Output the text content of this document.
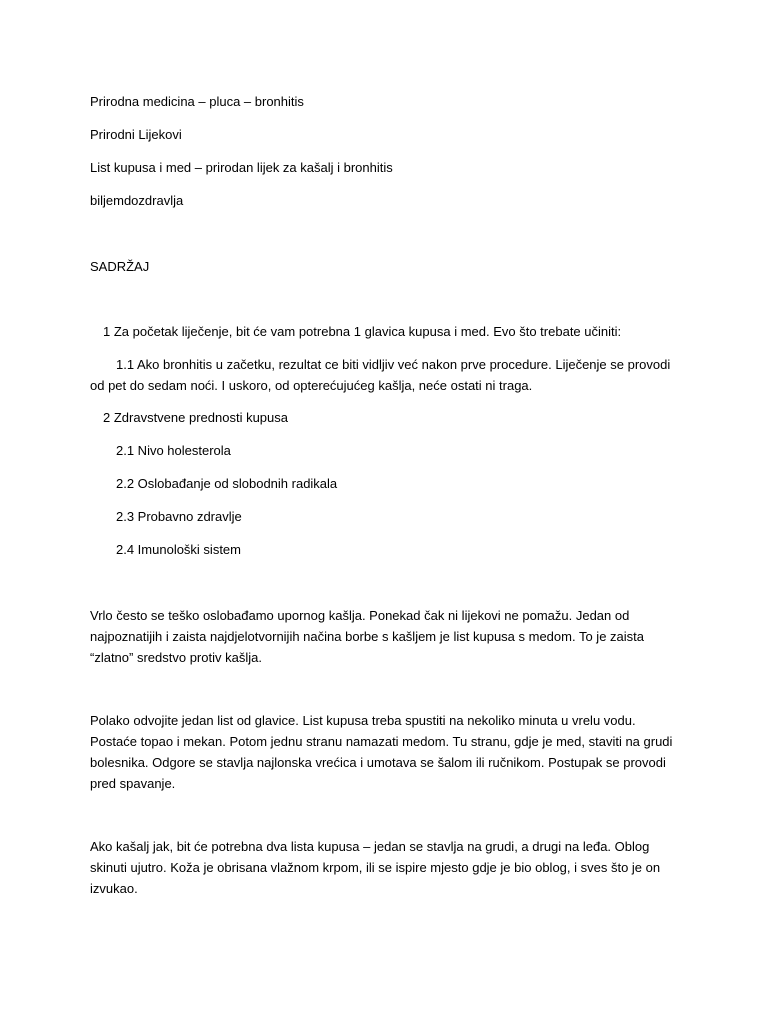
Prirodna medicina – pluca – bronhitis

Prirodni Lijekovi

List kupusa i med – prirodan lijek za kašalj i bronhitis

biljemdozdravlja

SADRŽAJ

1 Za početak liječenje, bit će vam potrebna 1 glavica kupusa i med. Evo što trebate učiniti:

1.1 Ako bronhitis u začetku, rezultat ce biti vidljiv već nakon prve procedure. Liječenje se provodi od pet do sedam noći. I uskoro, od opterećujućeg kašlja, neće ostati ni traga.

2 Zdravstvene prednosti kupusa

2.1 Nivo holesterola

2.2 Oslobađanje od slobodnih radikala

2.3 Probavno zdravlje

2.4 Imunološki sistem

Vrlo često se teško oslobađamo upornog kašlja. Ponekad čak ni lijekovi ne pomažu. Jedan od najpoznatijih i zaista najdjelotvornijih načina borbe s kašljem je list kupusa s medom. To je zaista “zlatno” sredstvo protiv kašlja.

Polako odvojite jedan list od glavice. List kupusa treba spustiti na nekoliko minuta u vrelu vodu. Postaće topao i mekan. Potom jednu stranu namazati medom. Tu stranu, gdje je med, staviti na grudi bolesnika. Odgore se stavlja najlonska vrećica i umotava se šalom ili ručnikom. Postupak se provodi pred spavanje.

Ako kašalj jak, bit će potrebna dva lista kupusa – jedan se stavlja na grudi, a drugi na leđa. Oblog skinuti ujutro. Koža je obrisana vlažnom krpom, ili se ispire mjesto gdje je bio oblog, i sves što je on izvukao.
